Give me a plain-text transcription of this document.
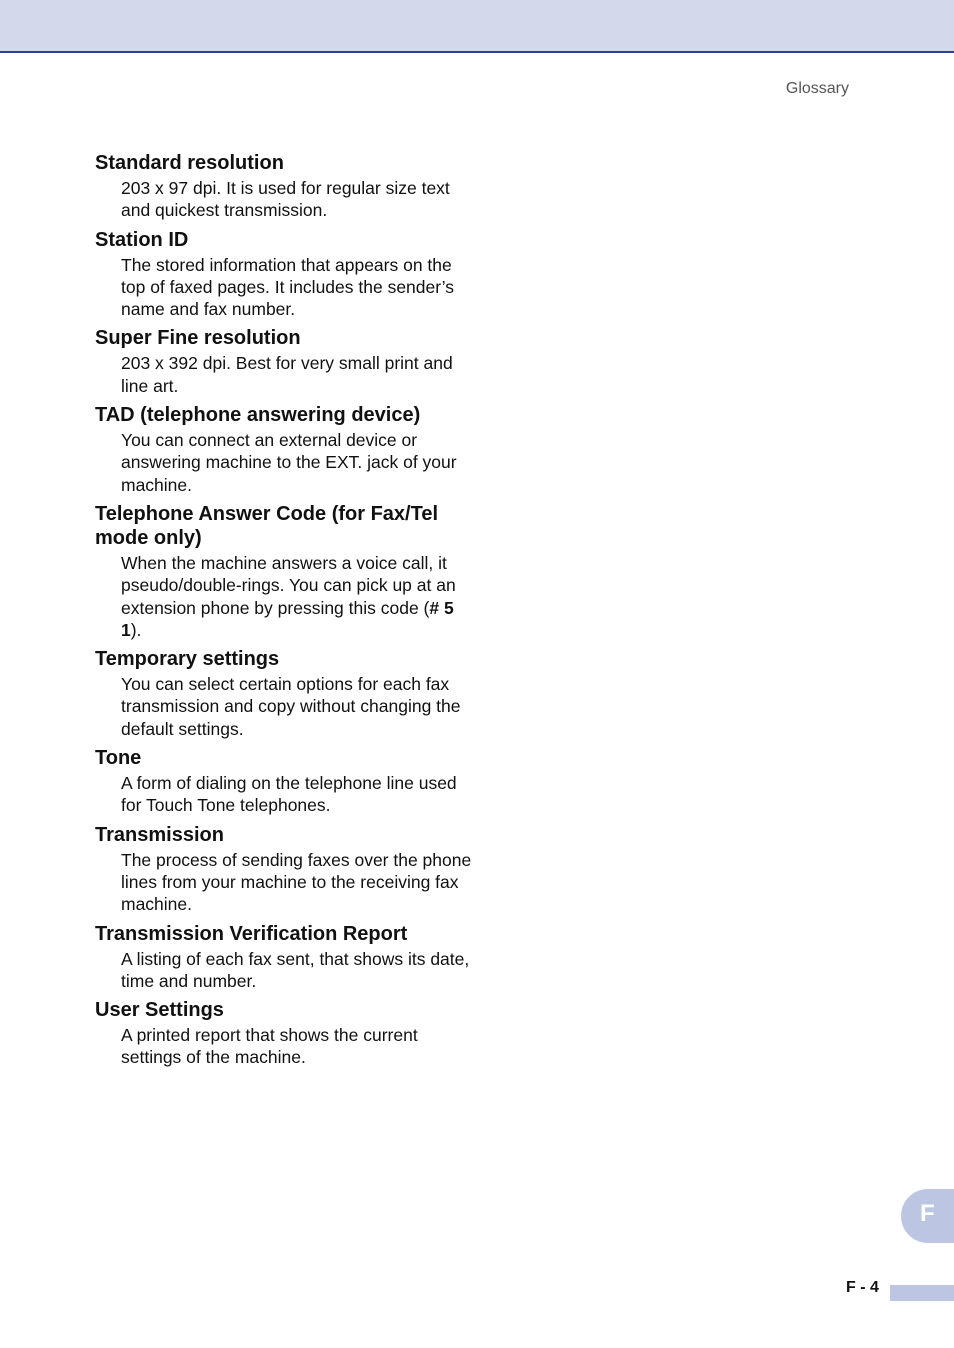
Glossary
Standard resolution

203 x 97 dpi. It is used for regular size text and quickest transmission.

Station ID

The stored information that appears on the top of faxed pages. It includes the sender’s name and fax number.

Super Fine resolution

203 x 392 dpi. Best for very small print and line art.

TAD (telephone answering device)

You can connect an external device or answering machine to the EXT. jack of your machine.

Telephone Answer Code (for Fax/Tel mode only)

When the machine answers a voice call, it pseudo/double-rings. You can pick up at an extension phone by pressing this code (# 5 1).

Temporary settings

You can select certain options for each fax transmission and copy without changing the default settings.

Tone

A form of dialing on the telephone line used for Touch Tone telephones.

Transmission

The process of sending faxes over the phone lines from your machine to the receiving fax machine.

Transmission Verification Report

A listing of each fax sent, that shows its date, time and number.

User Settings

A printed report that shows the current settings of the machine.

F
F - 4
